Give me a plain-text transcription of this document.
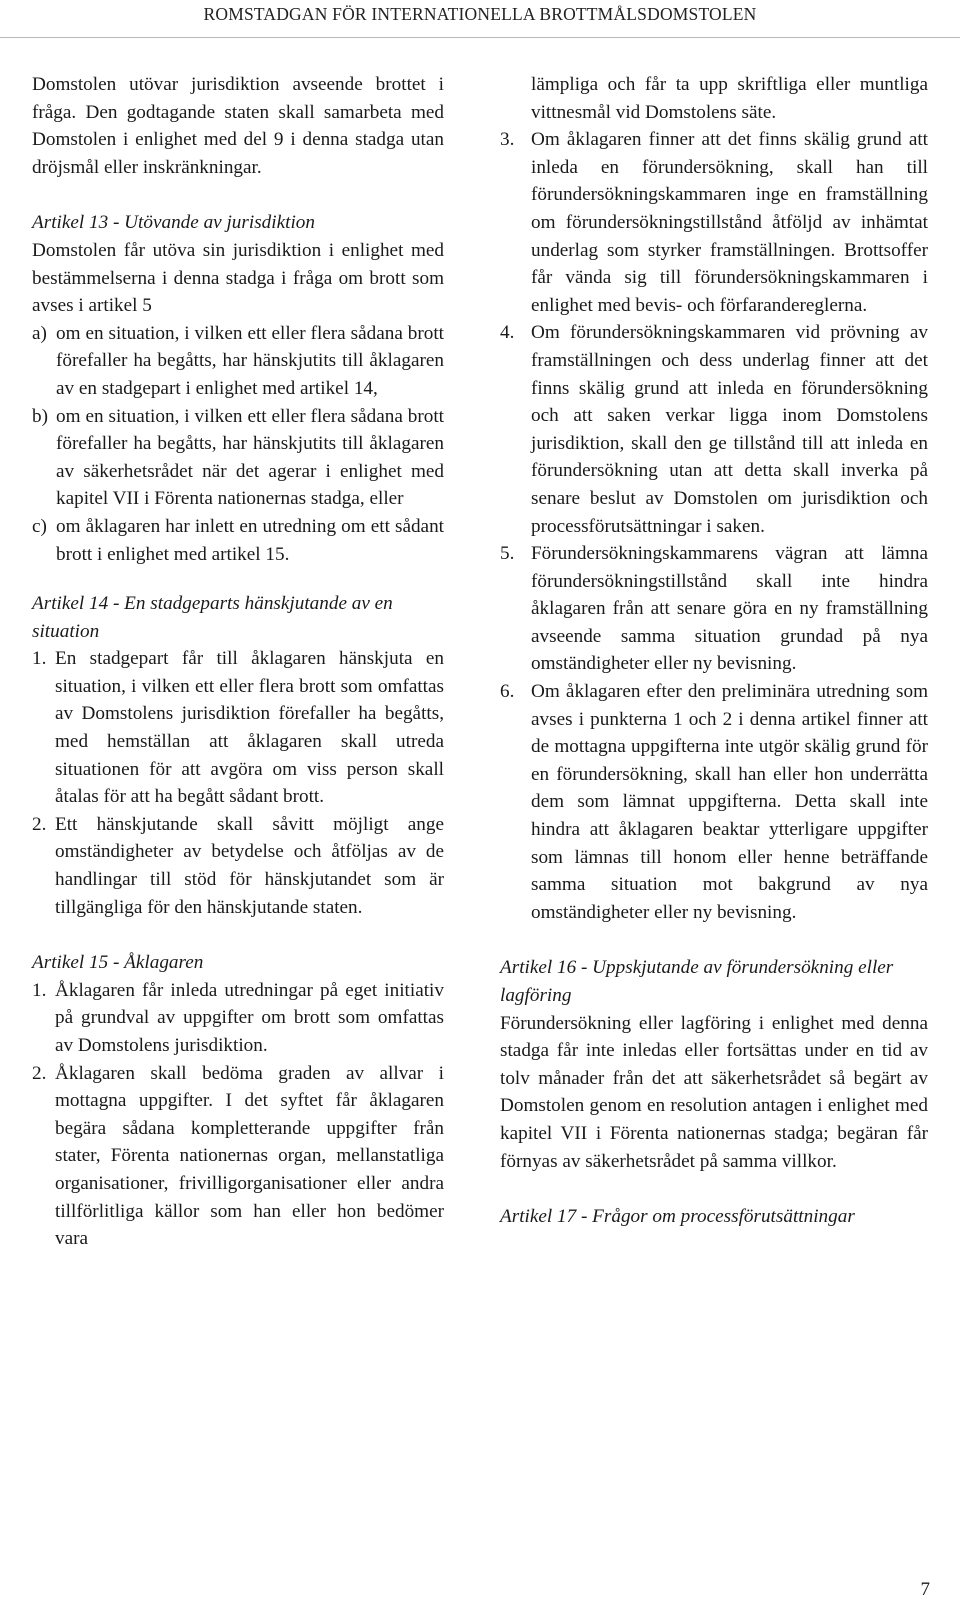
ROMSTADGAN FÖR INTERNATIONELLA BROTTMÅLSDOMSTOLEN

Domstolen utövar jurisdiktion avseende brottet i fråga. Den godtagande staten skall samarbeta med Domstolen i enlighet med del 9 i denna stadga utan dröjsmål eller inskränkningar.

Artikel 13 - Utövande av jurisdiktion

Domstolen får utöva sin jurisdiktion i enlighet med bestämmelserna i denna stadga i fråga om brott som avses i artikel 5

a) om en situation, i vilken ett eller flera sådana brott förefaller ha begåtts, har hänskjutits till åklagaren av en stadgepart i enlighet med artikel 14,
b) om en situation, i vilken ett eller flera sådana brott förefaller ha begåtts, har hänskjutits till åklagaren av säkerhetsrådet när det agerar i enlighet med kapitel VII i Förenta nationernas stadga, eller
c) om åklagaren har inlett en utredning om ett sådant brott i enlighet med artikel 15.

Artikel 14 - En stadgeparts hänskjutande av en situation

1. En stadgepart får till åklagaren hänskjuta en situation, i vilken ett eller flera brott som omfattas av Domstolens jurisdiktion förefaller ha begåtts, med hemställan att åklagaren skall utreda situationen för att avgöra om viss person skall åtalas för att ha begått sådant brott.
2. Ett hänskjutande skall såvitt möjligt ange omständigheter av betydelse och åtföljas av de handlingar till stöd för hänskjutandet som är tillgängliga för den hänskjutande staten.

Artikel 15 - Åklagaren

1. Åklagaren får inleda utredningar på eget initiativ på grundval av uppgifter om brott som omfattas av Domstolens jurisdiktion.
2. Åklagaren skall bedöma graden av allvar i mottagna uppgifter. I det syftet får åklagaren begära sådana kompletterande uppgifter från stater, Förenta nationernas organ, mellanstatliga organisationer, frivilligorganisationer eller andra tillförlitliga källor som han eller hon bedömer vara
lämpliga och får ta upp skriftliga eller muntliga vittnesmål vid Domstolens säte.
3. Om åklagaren finner att det finns skälig grund att inleda en förundersökning, skall han till förundersökningskammaren inge en framställning om förundersökningstillstånd åtföljd av inhämtat underlag som styrker framställningen. Brottsoffer får vända sig till förundersökningskammaren i enlighet med bevis- och förfarandereglerna.
4. Om förundersökningskammaren vid prövning av framställningen och dess underlag finner att det finns skälig grund att inleda en förundersökning och att saken verkar ligga inom Domstolens jurisdiktion, skall den ge tillstånd till att inleda en förundersökning utan att detta skall inverka på senare beslut av Domstolen om jurisdiktion och processförutsättningar i saken.
5. Förundersökningskammarens vägran att lämna förundersökningstillstånd skall inte hindra åklagaren från att senare göra en ny framställning avseende samma situation grundad på nya omständigheter eller ny bevisning.
6. Om åklagaren efter den preliminära utredning som avses i punkterna 1 och 2 i denna artikel finner att de mottagna uppgifterna inte utgör skälig grund för en förundersökning, skall han eller hon underrätta dem som lämnat uppgifterna. Detta skall inte hindra att åklagaren beaktar ytterligare uppgifter som lämnas till honom eller henne beträffande samma situation mot bakgrund av nya omständigheter eller ny bevisning.

Artikel 16 - Uppskjutande av förundersökning eller lagföring

Förundersökning eller lagföring i enlighet med denna stadga får inte inledas eller fortsättas under en tid av tolv månader från det att säkerhetsrådet så begärt av Domstolen genom en resolution antagen i enlighet med kapitel VII i Förenta nationernas stadga; begäran får förnyas av säkerhetsrådet på samma villkor.

Artikel 17 - Frågor om processförutsättningar

7
